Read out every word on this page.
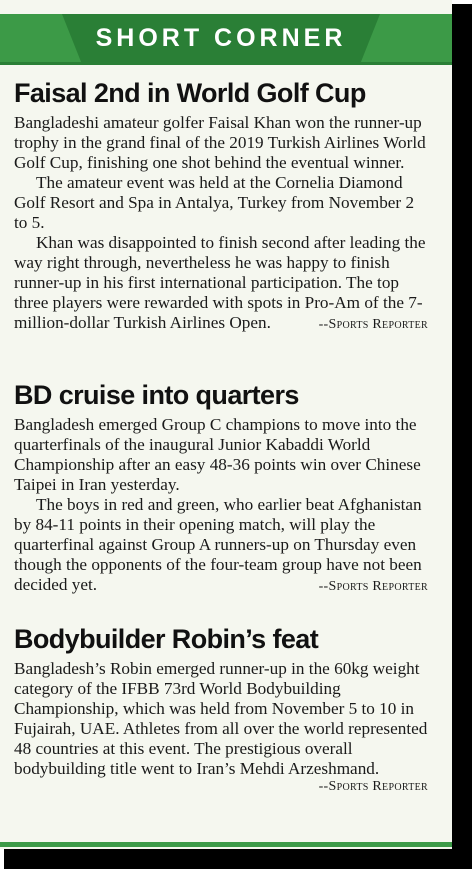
SHORT CORNER
Faisal 2nd in World Golf Cup

Bangladeshi amateur golfer Faisal Khan won the runner-up trophy in the grand final of the 2019 Turkish Airlines World Golf Cup, finishing one shot behind the eventual winner.

The amateur event was held at the Cornelia Diamond Golf Resort and Spa in Antalya, Turkey from November 2 to 5.

Khan was disappointed to finish second after leading the way right through, nevertheless he was happy to finish runner-up in his first international participation. The top three players were rewarded with spots in Pro-Am of the 7-million-dollar Turkish Airlines Open.	--Sports Reporter

BD cruise into quarters

Bangladesh emerged Group C champions to move into the quarterfinals of the inaugural Junior Kabaddi World Championship after an easy 48-36 points win over Chinese Taipei in Iran yesterday.

The boys in red and green, who earlier beat Afghanistan by 84-11 points in their opening match, will play the quarterfinal against Group A runners-up on Thursday even though the opponents of the four-team group have not been decided yet.	--Sports Reporter

Bodybuilder Robin’s feat

Bangladesh’s Robin emerged runner-up in the 60kg weight category of the IFBB 73rd World Bodybuilding Championship, which was held from November 5 to 10 in Fujairah, UAE. Athletes from all over the world represented 48 countries at this event. The prestigious overall bodybuilding title went to Iran’s Mehdi Arzeshmand.

--Sports Reporter
